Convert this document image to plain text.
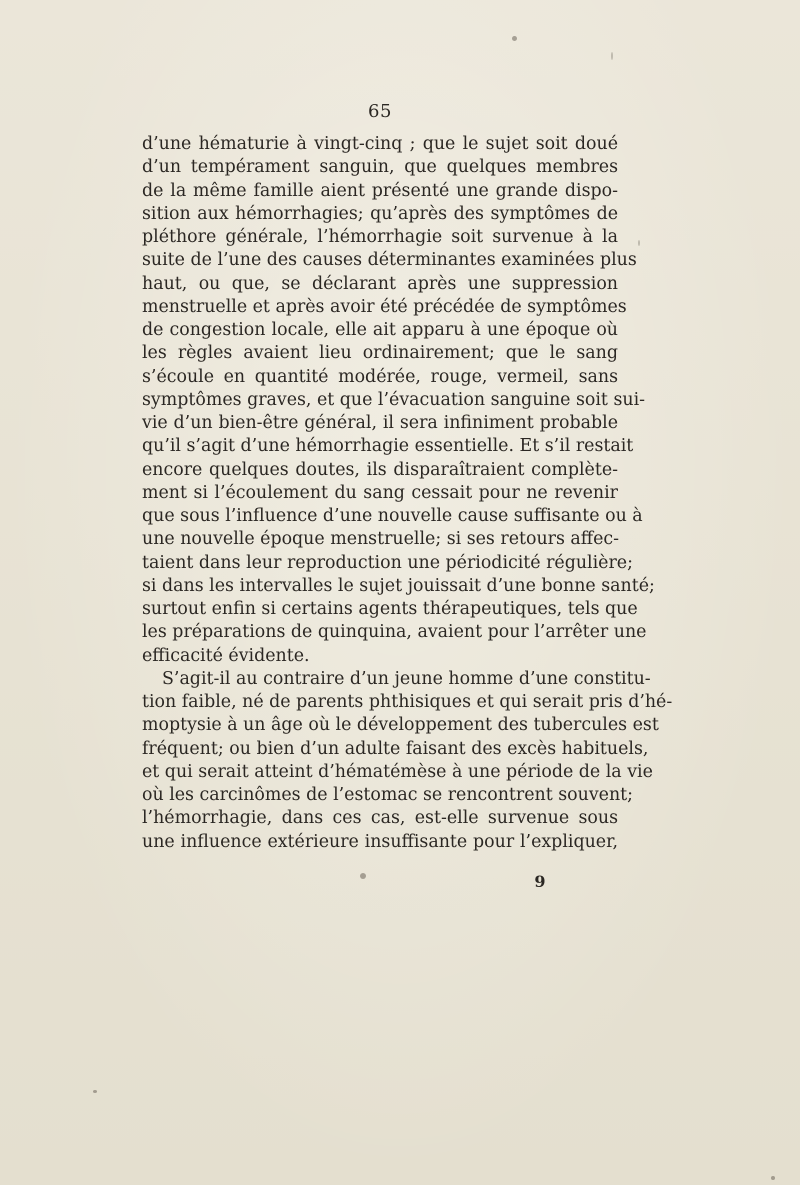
65
d’une hématurie à vingt-cinq ; que le sujet soit doué
d’un tempérament sanguin, que quelques membres
de la même famille aient présenté une grande dispo-
sition aux hémorrhagies; qu’après des symptômes de
pléthore générale, l’hémorrhagie soit survenue à la
suite de l’une des causes déterminantes examinées plus
haut, ou que, se déclarant après une suppression
menstruelle et après avoir été précédée de symptômes
de congestion locale, elle ait apparu à une époque où
les règles avaient lieu ordinairement; que le sang
s’écoule en quantité modérée, rouge, vermeil, sans
symptômes graves, et que l’évacuation sanguine soit sui-
vie d’un bien-être général, il sera infiniment probable
qu’il s’agit d’une hémorrhagie essentielle. Et s’il restait
encore quelques doutes, ils disparaîtraient complète-
ment si l’écoulement du sang cessait pour ne revenir
que sous l’influence d’une nouvelle cause suffisante ou à
une nouvelle époque menstruelle; si ses retours affec-
taient dans leur reproduction une périodicité régulière;
si dans les intervalles le sujet jouissait d’une bonne santé;
surtout enfin si certains agents thérapeutiques, tels que
les préparations de quinquina, avaient pour l’arrêter une
efficacité évidente.
S’agit-il au contraire d’un jeune homme d’une constitu-
tion faible, né de parents phthisiques et qui serait pris d’hé-
moptysie à un âge où le développement des tubercules est
fréquent; ou bien d’un adulte faisant des excès habituels,
et qui serait atteint d’hématémèse à une période de la vie
où les carcinômes de l’estomac se rencontrent souvent;
l’hémorrhagie, dans ces cas, est-elle survenue sous
une influence extérieure insuffisante pour l’expliquer,
9
